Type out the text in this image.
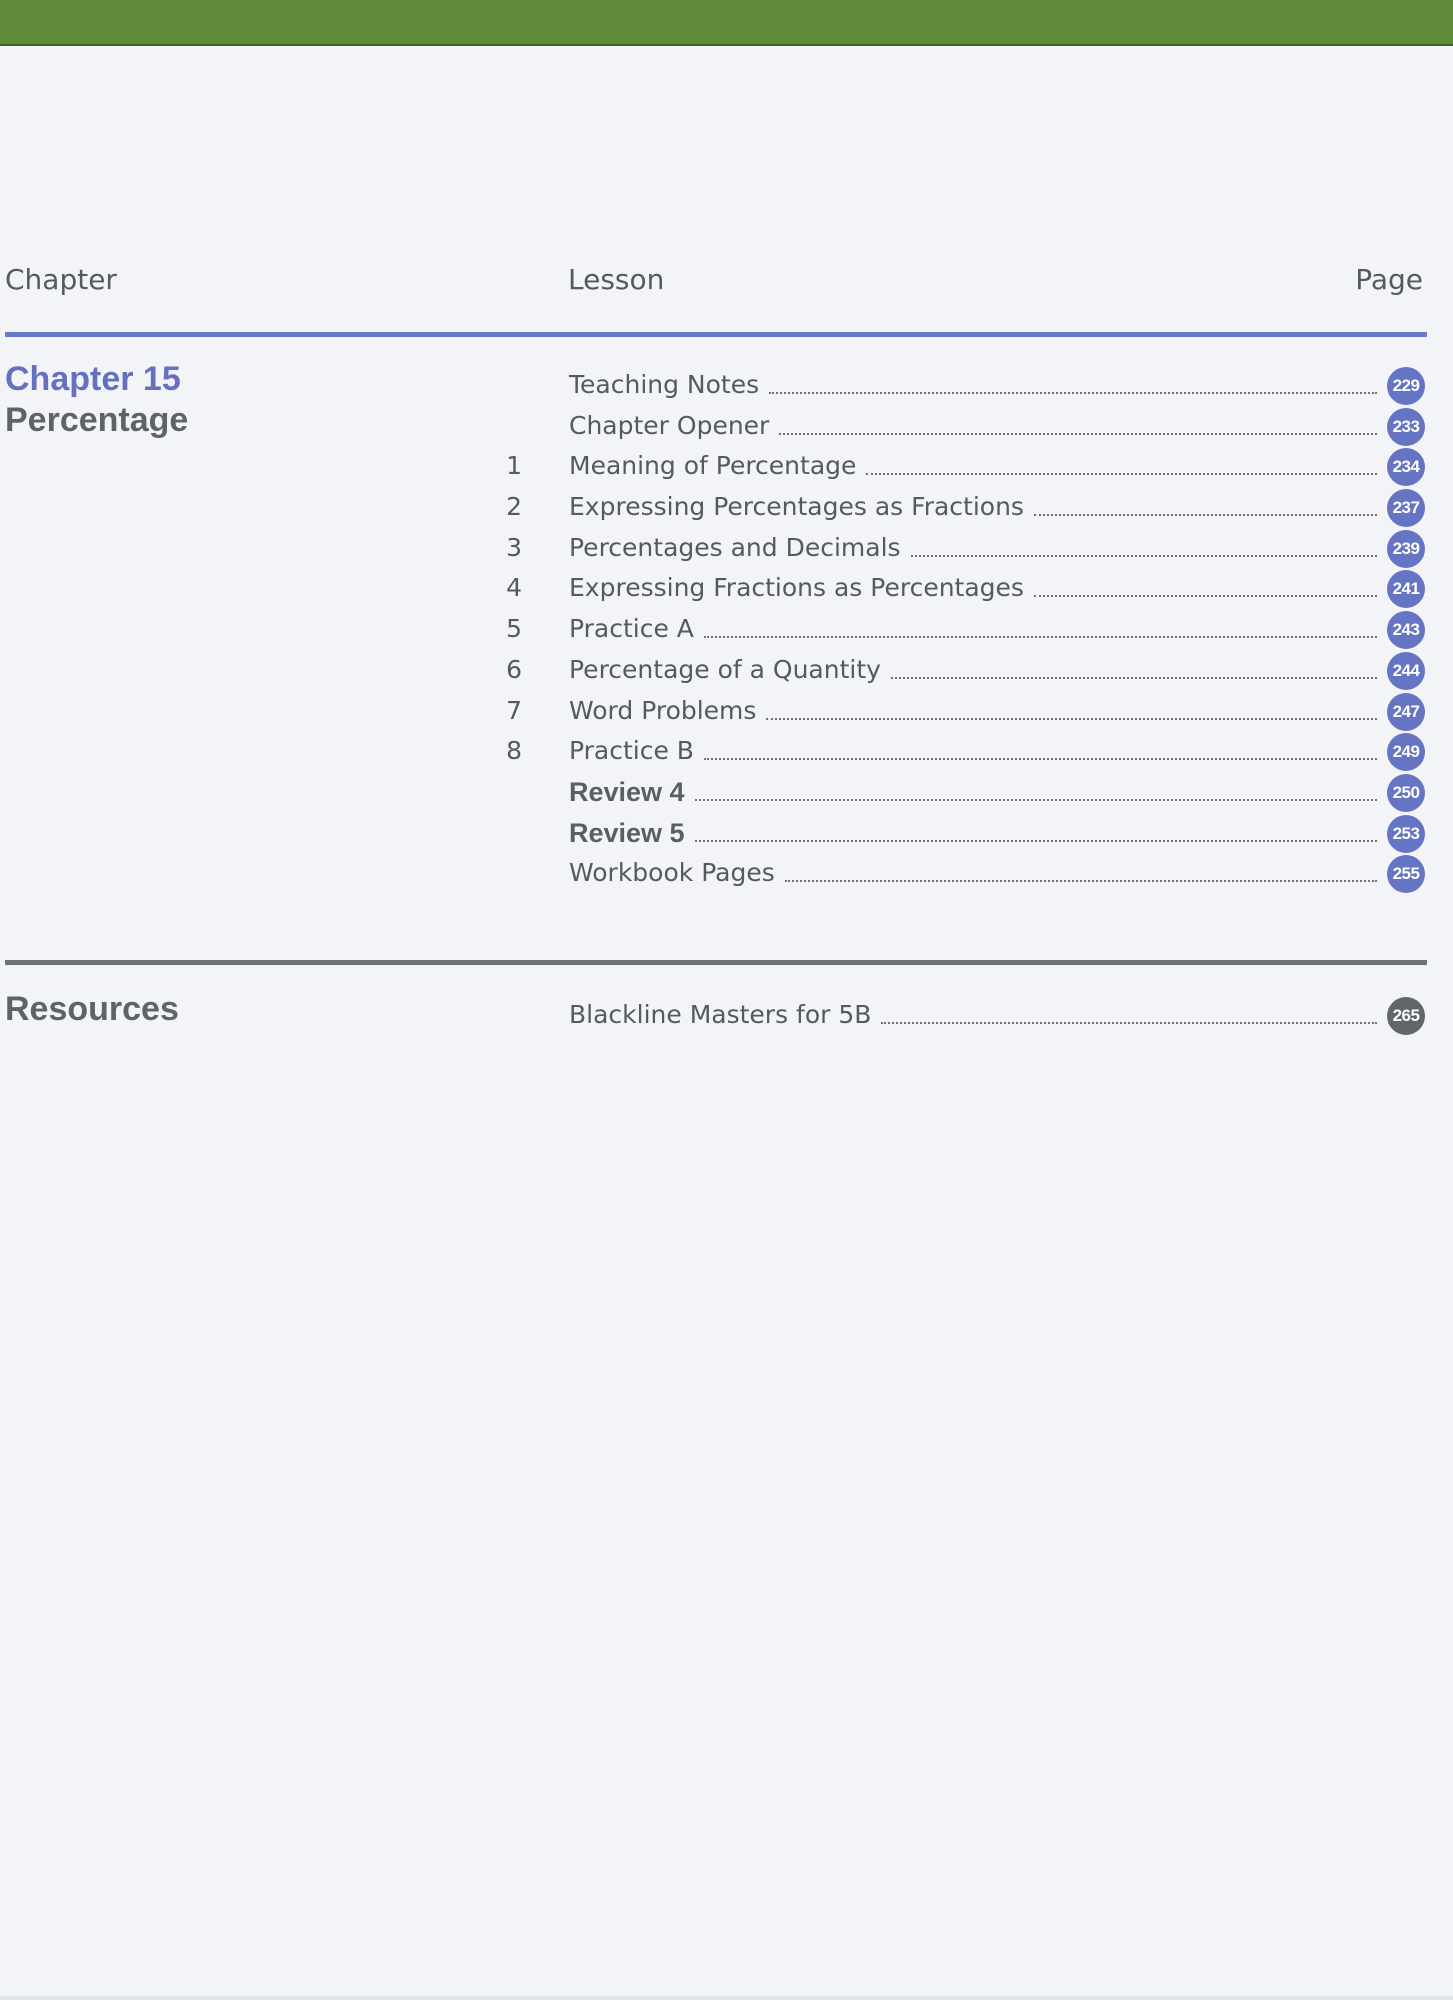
Chapter	Lesson	Page
Chapter 15
Percentage
Teaching Notes	229
Chapter Opener	233
1 Meaning of Percentage	234
2 Expressing Percentages as Fractions	237
3 Percentages and Decimals	239
4 Expressing Fractions as Percentages	241
5 Practice A	243
6 Percentage of a Quantity	244
7 Word Problems	247
8 Practice B	249
Review 4	250
Review 5	253
Workbook Pages	255
Resources	Blackline Masters for 5B	265
